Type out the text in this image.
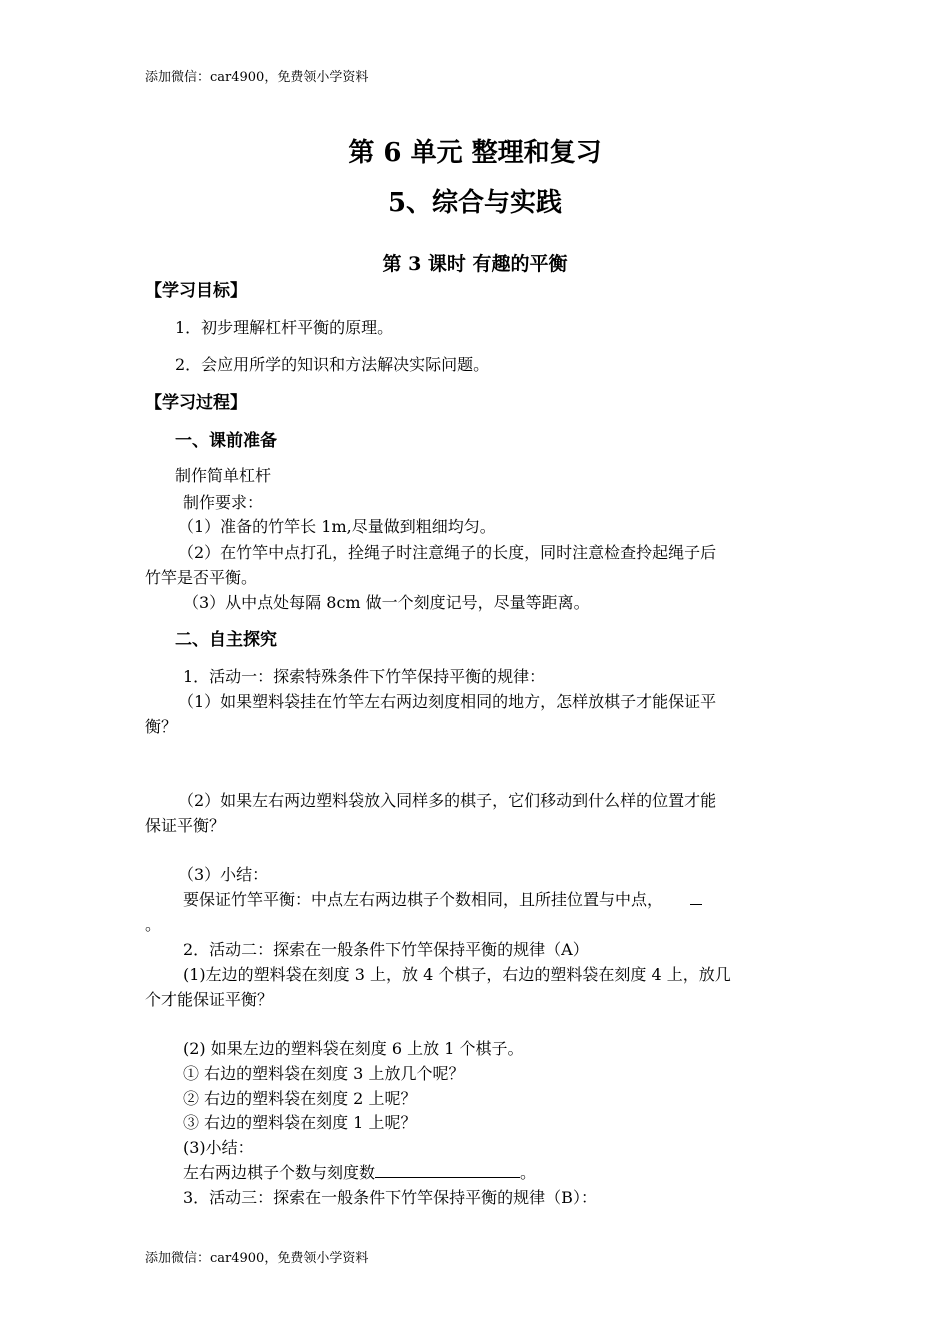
添加微信：car4900，免费领小学资料
第 6 单元 整理和复习
5、综合与实践
第 3 课时 有趣的平衡
【学习目标】
1．初步理解杠杆平衡的原理。
2．会应用所学的知识和方法解决实际问题。
【学习过程】
一、课前准备
制作简单杠杆
制作要求：
（1）准备的竹竿长 1m,尽量做到粗细均匀。
（2）在竹竿中点打孔，拴绳子时注意绳子的长度，同时注意检查拎起绳子后
竹竿是否平衡。
（3）从中点处每隔 8cm 做一个刻度记号，尽量等距离。
二、自主探究
1．活动一：探索特殊条件下竹竿保持平衡的规律：
（1）如果塑料袋挂在竹竿左右两边刻度相同的地方，怎样放棋子才能保证平
衡？
（2）如果左右两边塑料袋放入同样多的棋子，它们移动到什么样的位置才能
保证平衡？
（3）小结：
要保证竹竿平衡：中点左右两边棋子个数相同，且所挂位置与中点，
。
2．活动二：探索在一般条件下竹竿保持平衡的规律（A）
(1)左边的塑料袋在刻度 3 上，放 4 个棋子，右边的塑料袋在刻度 4 上，放几
个才能保证平衡？
(2) 如果左边的塑料袋在刻度 6 上放 1 个棋子。
① 右边的塑料袋在刻度 3 上放几个呢？
② 右边的塑料袋在刻度 2 上呢？
③ 右边的塑料袋在刻度 1 上呢？
(3)小结：
左右两边棋子个数与刻度数	。
3．活动三：探索在一般条件下竹竿保持平衡的规律（B）：
添加微信：car4900，免费领小学资料
